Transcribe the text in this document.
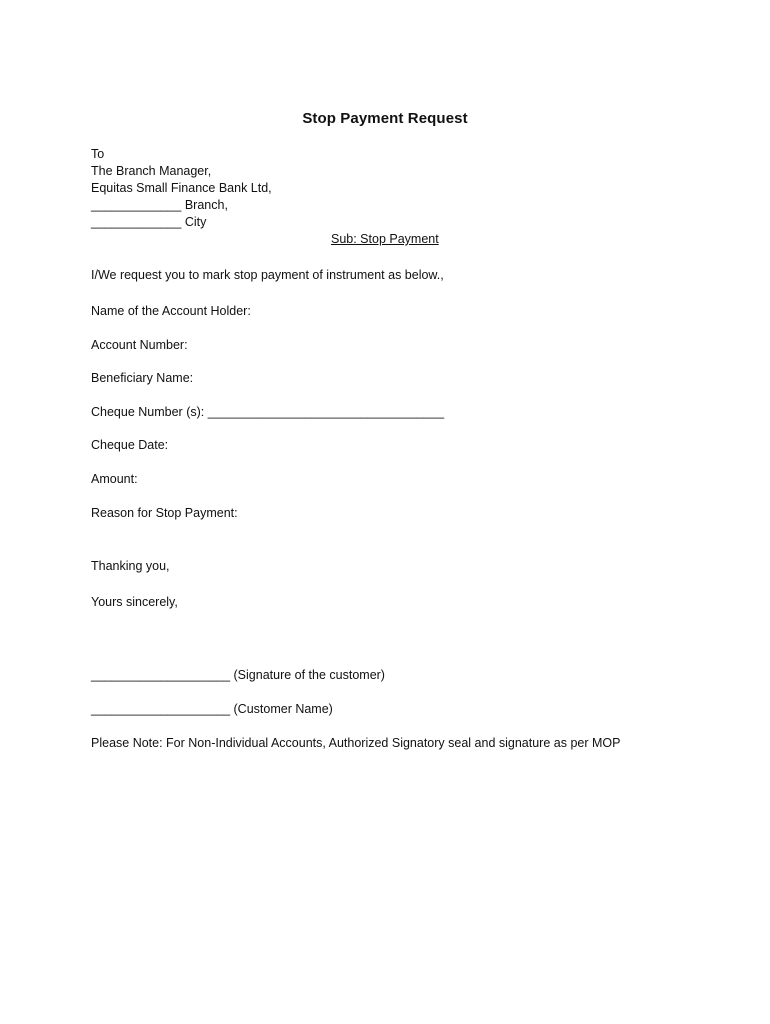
Stop Payment Request
To
The Branch Manager,
Equitas Small Finance Bank Ltd,
_____________ Branch,
_____________ City
Sub: Stop Payment
I/We request you to mark stop payment of instrument as below.,
Name of the Account Holder:
Account Number:
Beneficiary Name:
Cheque Number (s): __________________________________
Cheque Date:
Amount:
Reason for Stop Payment:
Thanking you,
Yours sincerely,
____________________ (Signature of the customer)
____________________ (Customer Name)
Please Note: For Non-Individual Accounts, Authorized Signatory seal and signature as per MOP
